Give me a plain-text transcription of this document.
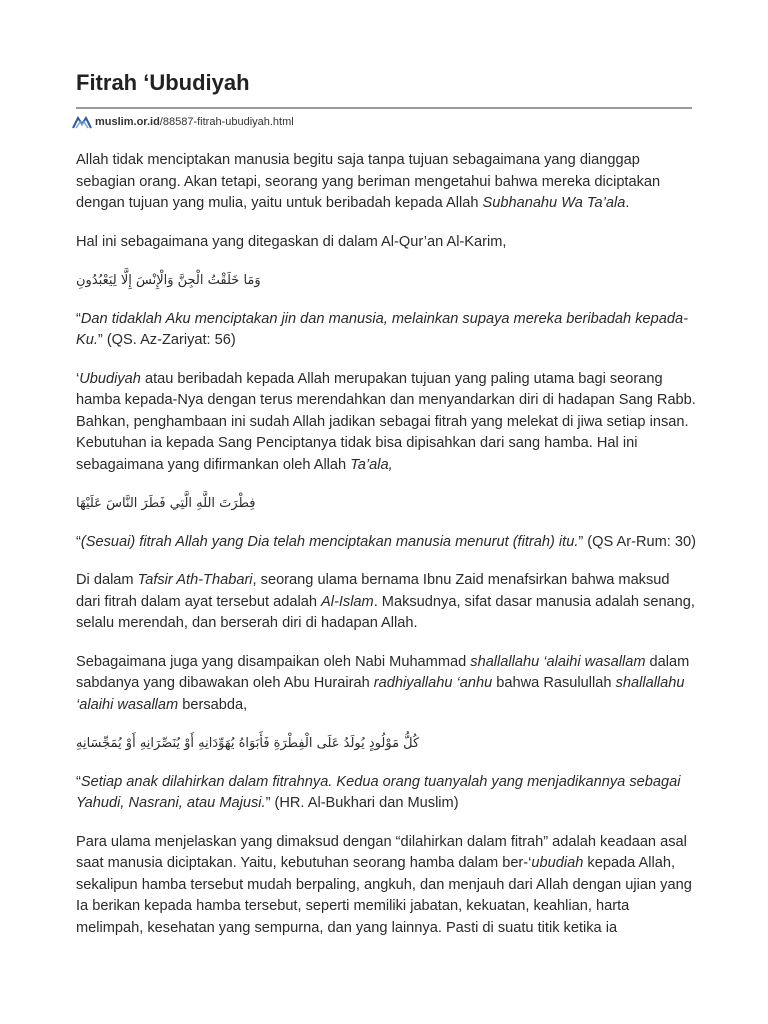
Fitrah ‘Ubudiyah
muslim.or.id /88587-fitrah-ubudiyah.html

Allah tidak menciptakan manusia begitu saja tanpa tujuan sebagaimana yang dianggap sebagian orang. Akan tetapi, seorang yang beriman mengetahui bahwa mereka diciptakan dengan tujuan yang mulia, yaitu untuk beribadah kepada Allah Subhanahu Wa Ta’ala.

Hal ini sebagaimana yang ditegaskan di dalam Al-Qur’an Al-Karim,

وَمَا خَلَقْتُ الْجِنَّ وَالْإِنْسَ إِلَّا لِيَعْبُدُونِ

“Dan tidaklah Aku menciptakan jin dan manusia, melainkan supaya mereka beribadah kepada-Ku.” (QS. Az-Zariyat: 56)

‘Ubudiyah atau beribadah kepada Allah merupakan tujuan yang paling utama bagi seorang hamba kepada-Nya dengan terus merendahkan dan menyandarkan diri di hadapan Sang Rabb. Bahkan, penghambaan ini sudah Allah jadikan sebagai fitrah yang melekat di jiwa setiap insan. Kebutuhan ia kepada Sang Penciptanya tidak bisa dipisahkan dari sang hamba. Hal ini sebagaimana yang difirmankan oleh Allah Ta’ala,

فِطْرَتَ اللَّهِ الَّتِي فَطَرَ النَّاسَ عَلَيْهَا

“(Sesuai) fitrah Allah yang Dia telah menciptakan manusia menurut (fitrah) itu.” (QS Ar-Rum: 30)

Di dalam Tafsir Ath-Thabari, seorang ulama bernama Ibnu Zaid menafsirkan bahwa maksud dari fitrah dalam ayat tersebut adalah Al-Islam. Maksudnya, sifat dasar manusia adalah senang, selalu merendah, dan berserah diri di hadapan Allah.

Sebagaimana juga yang disampaikan oleh Nabi Muhammad shallallahu ‘alaihi wasallam dalam sabdanya yang dibawakan oleh Abu Hurairah radhiyallahu ‘anhu bahwa Rasulullah shallallahu ‘alaihi wasallam bersabda,

كُلُّ مَوْلُودٍ يُولَدُ عَلَى الْفِطْرَةِ فَأَبَوَاهُ يُهَوِّدَانِهِ أَوْ يُنَصِّرَانِهِ أَوْ يُمَجِّسَانِهِ

“Setiap anak dilahirkan dalam fitrahnya. Kedua orang tuanyalah yang menjadikannya sebagai Yahudi, Nasrani, atau Majusi.” (HR. Al-Bukhari dan Muslim)

Para ulama menjelaskan yang dimaksud dengan “dilahirkan dalam fitrah” adalah keadaan asal saat manusia diciptakan. Yaitu, kebutuhan seorang hamba dalam ber-‘ubudiah kepada Allah, sekalipun hamba tersebut mudah berpaling, angkuh, dan menjauh dari Allah dengan ujian yang Ia berikan kepada hamba tersebut, seperti memiliki jabatan, kekuatan, keahlian, harta melimpah, kesehatan yang sempurna, dan yang lainnya. Pasti di suatu titik ketika ia
